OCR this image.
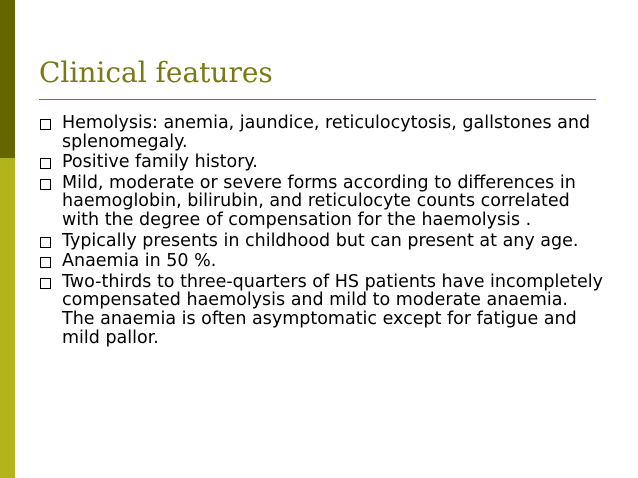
Clinical features
Hemolysis: anemia, jaundice, reticulocytosis, gallstones and splenomegaly.
Positive family history.
Mild, moderate or severe forms according to differences in haemoglobin, bilirubin, and reticulocyte counts correlated with the degree of compensation for the haemolysis .
Typically presents in childhood but can present at any age.
Anaemia in 50 %.
Two-thirds to three-quarters of HS patients have incompletely compensated haemolysis and mild to moderate anaemia. The anaemia is often asymptomatic except for fatigue and mild pallor.
